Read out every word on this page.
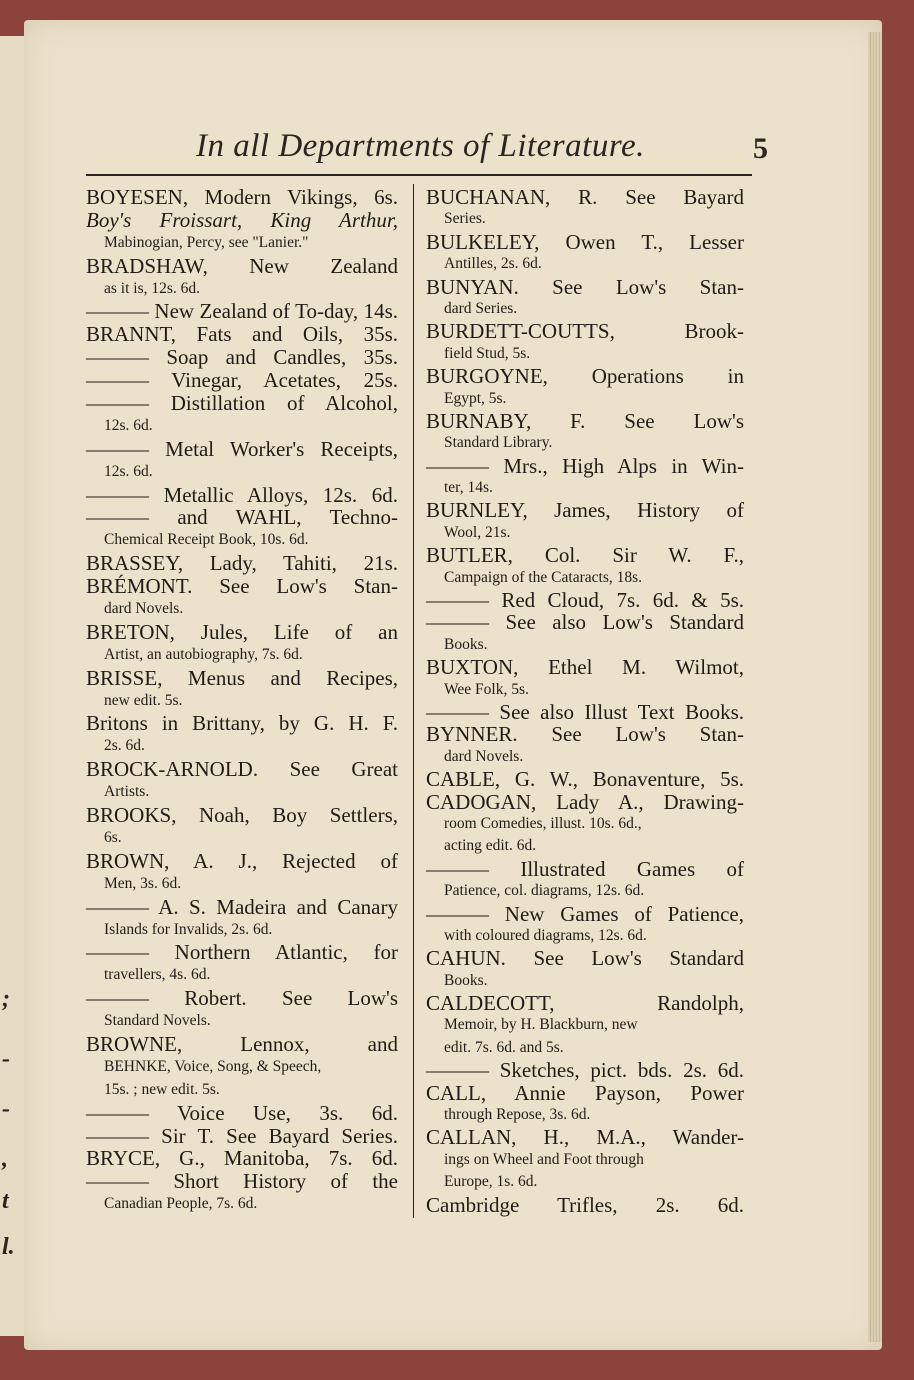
;
-
-
,
t
l.
In all Departments of Literature.	5
BOYESEN, Modern Vikings, 6s.
Boy's Froissart, King Arthur,
Mabinogian, Percy, see "Lanier."
BRADSHAW, New Zealand
as it is, 12s. 6d.
——— New Zealand of To-day, 14s.
BRANNT, Fats and Oils, 35s.
——— Soap and Candles, 35s.
——— Vinegar, Acetates, 25s.
——— Distillation of Alcohol,
12s. 6d.
——— Metal Worker's Receipts,
12s. 6d.
——— Metallic Alloys, 12s. 6d.
——— and WAHL, Techno-
Chemical Receipt Book, 10s. 6d.
BRASSEY, Lady, Tahiti, 21s.
BRÉMONT. See Low's Stan-
dard Novels.
BRETON, Jules, Life of an
Artist, an autobiography, 7s. 6d.
BRISSE, Menus and Recipes,
new edit. 5s.
Britons in Brittany, by G. H. F.
2s. 6d.
BROCK-ARNOLD. See Great
Artists.
BROOKS, Noah, Boy Settlers,
6s.
BROWN, A. J., Rejected of
Men, 3s. 6d.
——— A. S. Madeira and Canary
Islands for Invalids, 2s. 6d.
——— Northern Atlantic, for
travellers, 4s. 6d.
——— Robert. See Low's
Standard Novels.
BROWNE, Lennox, and
BEHNKE, Voice, Song, & Speech,
15s. ; new edit. 5s.
——— Voice Use, 3s. 6d.
——— Sir T. See Bayard Series.
BRYCE, G., Manitoba, 7s. 6d.
——— Short History of the
Canadian People, 7s. 6d.
BUCHANAN, R. See Bayard
Series.
BULKELEY, Owen T., Lesser
Antilles, 2s. 6d.
BUNYAN. See Low's Stan-
dard Series.
BURDETT-COUTTS, Brook-
field Stud, 5s.
BURGOYNE, Operations in
Egypt, 5s.
BURNABY, F. See Low's
Standard Library.
——— Mrs., High Alps in Win-
ter, 14s.
BURNLEY, James, History of
Wool, 21s.
BUTLER, Col. Sir W. F.,
Campaign of the Cataracts, 18s.
——— Red Cloud, 7s. 6d. & 5s.
——— See also Low's Standard
Books.
BUXTON, Ethel M. Wilmot,
Wee Folk, 5s.
——— See also Illust Text Books.
BYNNER. See Low's Stan-
dard Novels.
CABLE, G. W., Bonaventure, 5s.
CADOGAN, Lady A., Drawing-
room Comedies, illust. 10s. 6d.,
acting edit. 6d.
——— Illustrated Games of
Patience, col. diagrams, 12s. 6d.
——— New Games of Patience,
with coloured diagrams, 12s. 6d.
CAHUN. See Low's Standard
Books.
CALDECOTT, Randolph,
Memoir, by H. Blackburn, new
edit. 7s. 6d. and 5s.
——— Sketches, pict. bds. 2s. 6d.
CALL, Annie Payson, Power
through Repose, 3s. 6d.
CALLAN, H., M.A., Wander-
ings on Wheel and Foot through
Europe, 1s. 6d.
Cambridge Trifles, 2s. 6d.
